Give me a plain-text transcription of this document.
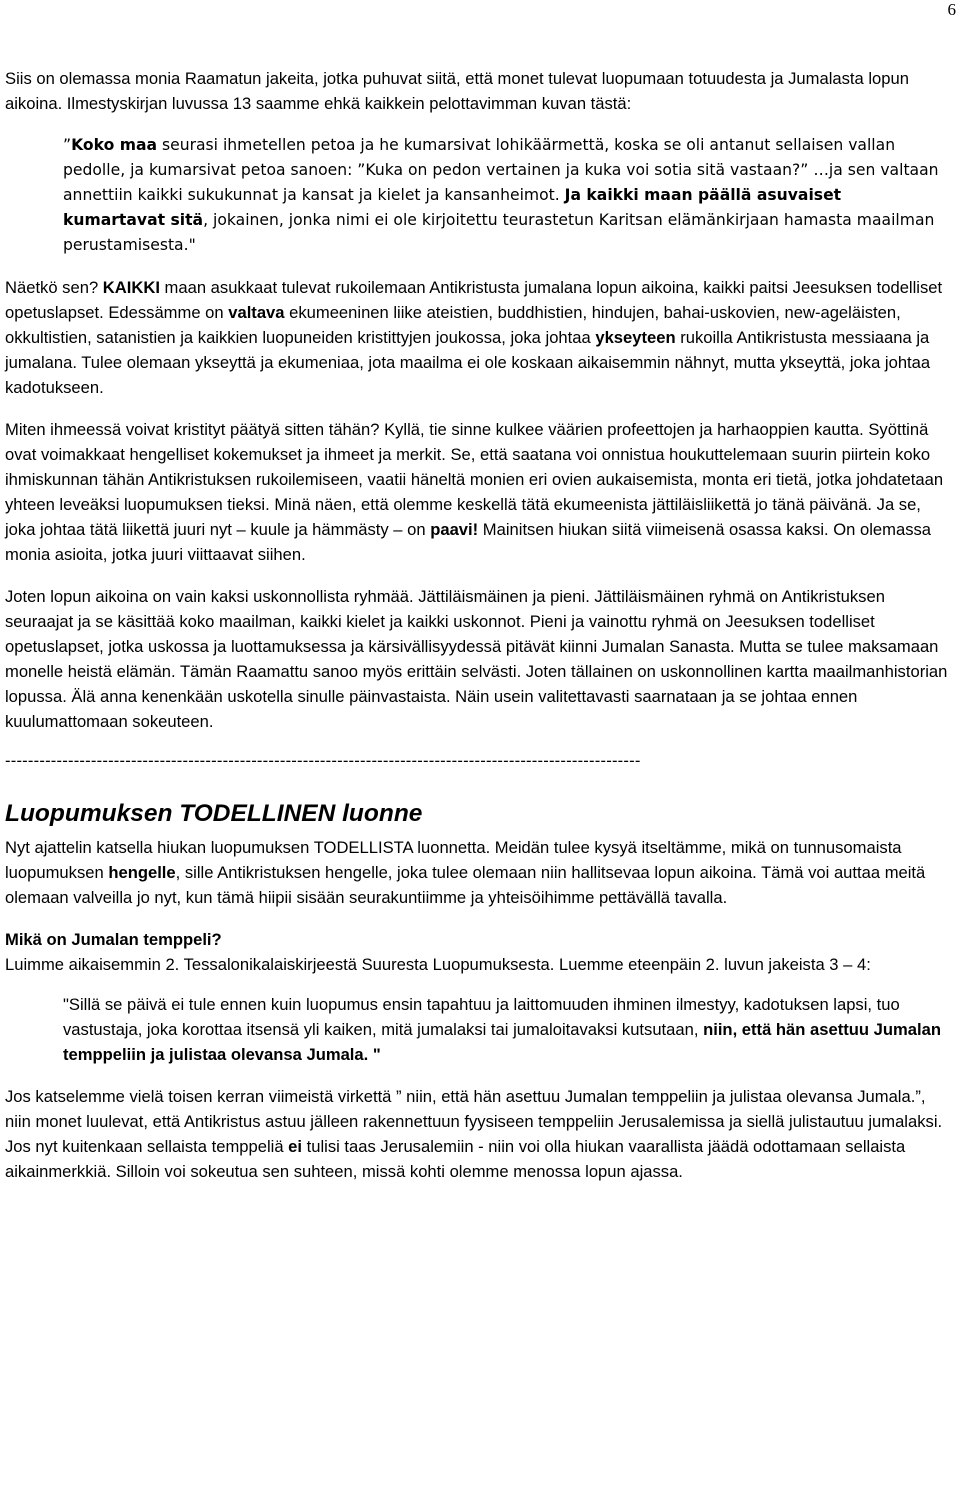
6

Siis on olemassa monia Raamatun jakeita, jotka puhuvat siitä, että monet tulevat luopumaan totuudesta ja Jumalasta lopun aikoina. Ilmestyskirjan luvussa 13 saamme ehkä kaikkein pelottavimman kuvan tästä:

”Koko maa seurasi ihmetellen petoa ja he kumarsivat lohikäärmettä, koska se oli antanut sellaisen vallan pedolle, ja kumarsivat petoa sanoen: ”Kuka on pedon vertainen ja kuka voi sotia sitä vastaan?” …ja sen valtaan annettiin kaikki sukukunnat ja kansat ja kielet ja kansanheimot. Ja kaikki maan päällä asuvaiset kumartavat sitä, jokainen, jonka nimi ei ole kirjoitettu teurastetun Karitsan elämänkirjaan hamasta maailman perustamisesta."

Näetkö sen? KAIKKI maan asukkaat tulevat rukoilemaan Antikristusta jumalana lopun aikoina, kaikki paitsi Jeesuksen todelliset opetuslapset. Edessämme on valtava ekumeeninen liike ateistien, buddhistien, hindujen, bahai-uskovien, new-ageläisten, okkultistien, satanistien ja kaikkien luopuneiden kristittyjen joukossa, joka johtaa ykseyteen rukoilla Antikristusta messiaana ja jumalana. Tulee olemaan ykseyttä ja ekumeniaa, jota maailma ei ole koskaan aikaisemmin nähnyt, mutta ykseyttä, joka johtaa kadotukseen.

Miten ihmeessä voivat kristityt päätyä sitten tähän? Kyllä, tie sinne kulkee väärien profeettojen ja harhaoppien kautta. Syöttinä ovat voimakkaat hengelliset kokemukset ja ihmeet ja merkit. Se, että saatana voi onnistua houkuttelemaan suurin piirtein koko ihmiskunnan tähän Antikristuksen rukoilemiseen, vaatii häneltä monien eri ovien aukaisemista, monta eri tietä, jotka johdatetaan yhteen leveäksi luopumuksen tieksi. Minä näen, että olemme keskellä tätä ekumeenista jättiläisliikettä jo tänä päivänä. Ja se, joka johtaa tätä liikettä juuri nyt – kuule ja hämmästy – on paavi! Mainitsen hiukan siitä viimeisenä osassa kaksi. On olemassa monia asioita, jotka juuri viittaavat siihen.

Joten lopun aikoina on vain kaksi uskonnollista ryhmää. Jättiläismäinen ja pieni. Jättiläismäinen ryhmä on Antikristuksen seuraajat ja se käsittää koko maailman, kaikki kielet ja kaikki uskonnot. Pieni ja vainottu ryhmä on Jeesuksen todelliset opetuslapset, jotka uskossa ja luottamuksessa ja kärsivällisyydessä pitävät kiinni Jumalan Sanasta. Mutta se tulee maksamaan monelle heistä elämän. Tämän Raamattu sanoo myös erittäin selvästi. Joten tällainen on uskonnollinen kartta maailmanhistorian lopussa. Älä anna kenenkään uskotella sinulle päinvastaista. Näin usein valitettavasti saarnataan ja se johtaa ennen kuulumattomaan sokeuteen.

---------------------------------------------------------------------------------------------------------------
Luopumuksen TODELLINEN luonne

Nyt ajattelin katsella hiukan luopumuksen TODELLISTA luonnetta. Meidän tulee kysyä itseltämme, mikä on tunnusomaista luopumuksen hengelle, sille Antikristuksen hengelle, joka tulee olemaan niin hallitsevaa lopun aikoina. Tämä voi auttaa meitä olemaan valveilla jo nyt, kun tämä hiipii sisään seurakuntiimme ja yhteisöihimme pettävällä tavalla.

Mikä on Jumalan temppeli?

Luimme aikaisemmin 2. Tessalonikalaiskirjeestä Suuresta Luopumuksesta. Luemme eteenpäin 2. luvun jakeista 3 – 4:

"Sillä se päivä ei tule ennen kuin luopumus ensin tapahtuu ja laittomuuden ihminen ilmestyy, kadotuksen lapsi, tuo vastustaja, joka korottaa itsensä yli kaiken, mitä jumalaksi tai jumaloitavaksi kutsutaan, niin, että hän asettuu Jumalan temppeliin ja julistaa olevansa Jumala. "

Jos katselemme vielä toisen kerran viimeistä virkettä ” niin, että hän asettuu Jumalan temppeliin ja julistaa olevansa Jumala.”, niin monet luulevat, että Antikristus astuu jälleen rakennettuun fyysiseen temppeliin Jerusalemissa ja siellä julistautuu jumalaksi. Jos nyt kuitenkaan sellaista temppeliä ei tulisi taas Jerusalemiin - niin voi olla hiukan vaarallista jäädä odottamaan sellaista aikainmerkkiä. Silloin voi sokeutua sen suhteen, missä kohti olemme menossa lopun ajassa.
